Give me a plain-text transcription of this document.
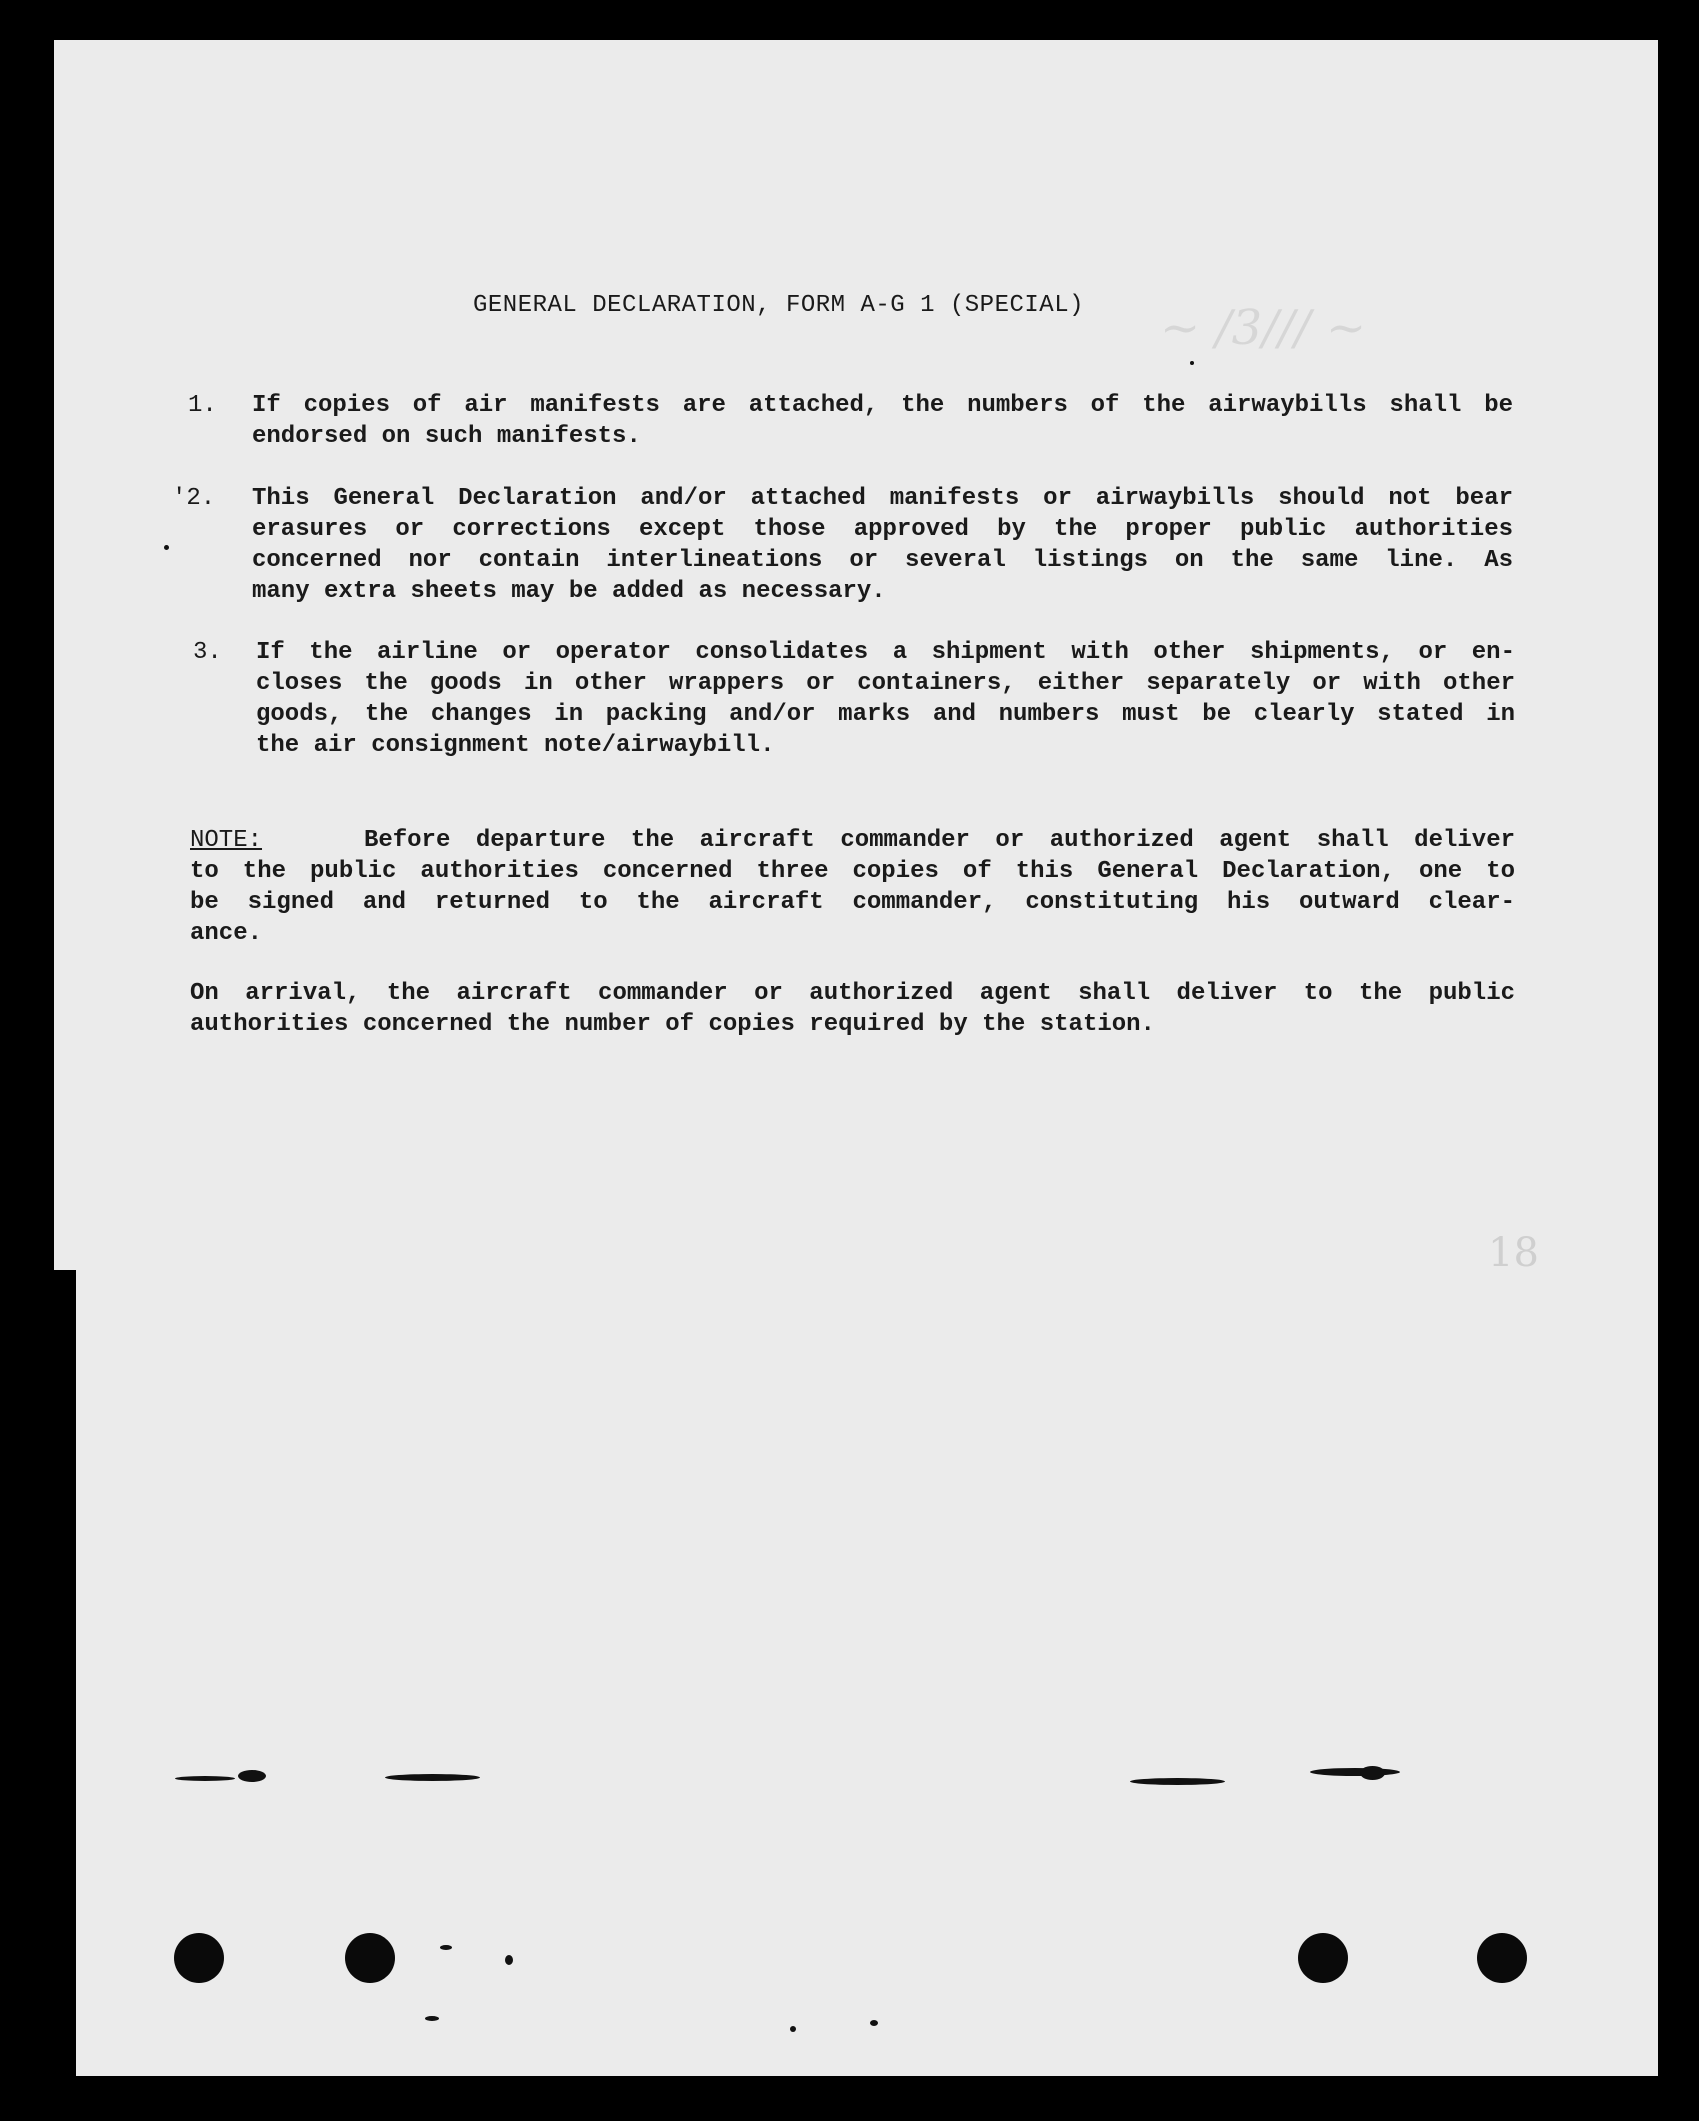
~ /3/// ~
18
GENERAL DECLARATION, FORM A-G 1 (SPECIAL)
1. If copies of air manifests are attached, the numbers of the airwaybills shall be
endorsed on such manifests.
'2. This General Declaration and/or attached manifests or airwaybills should not bear
erasures or corrections except those approved by the proper public authorities
concerned nor contain interlineations or several listings on the same line. As
many extra sheets may be added as necessary.
3. If the airline or operator consolidates a shipment with other shipments, or en-
closes the goods in other wrappers or containers, either separately or with other
goods, the changes in packing and/or marks and numbers must be clearly stated in
the air consignment note/airwaybill.
NOTE:	Before departure the aircraft commander or authorized agent shall deliver
to the public authorities concerned three copies of this General Declaration, one to
be signed and returned to the aircraft commander, constituting his outward clear-
ance.
On arrival, the aircraft commander or authorized agent shall deliver to the public
authorities concerned the number of copies required by the station.
